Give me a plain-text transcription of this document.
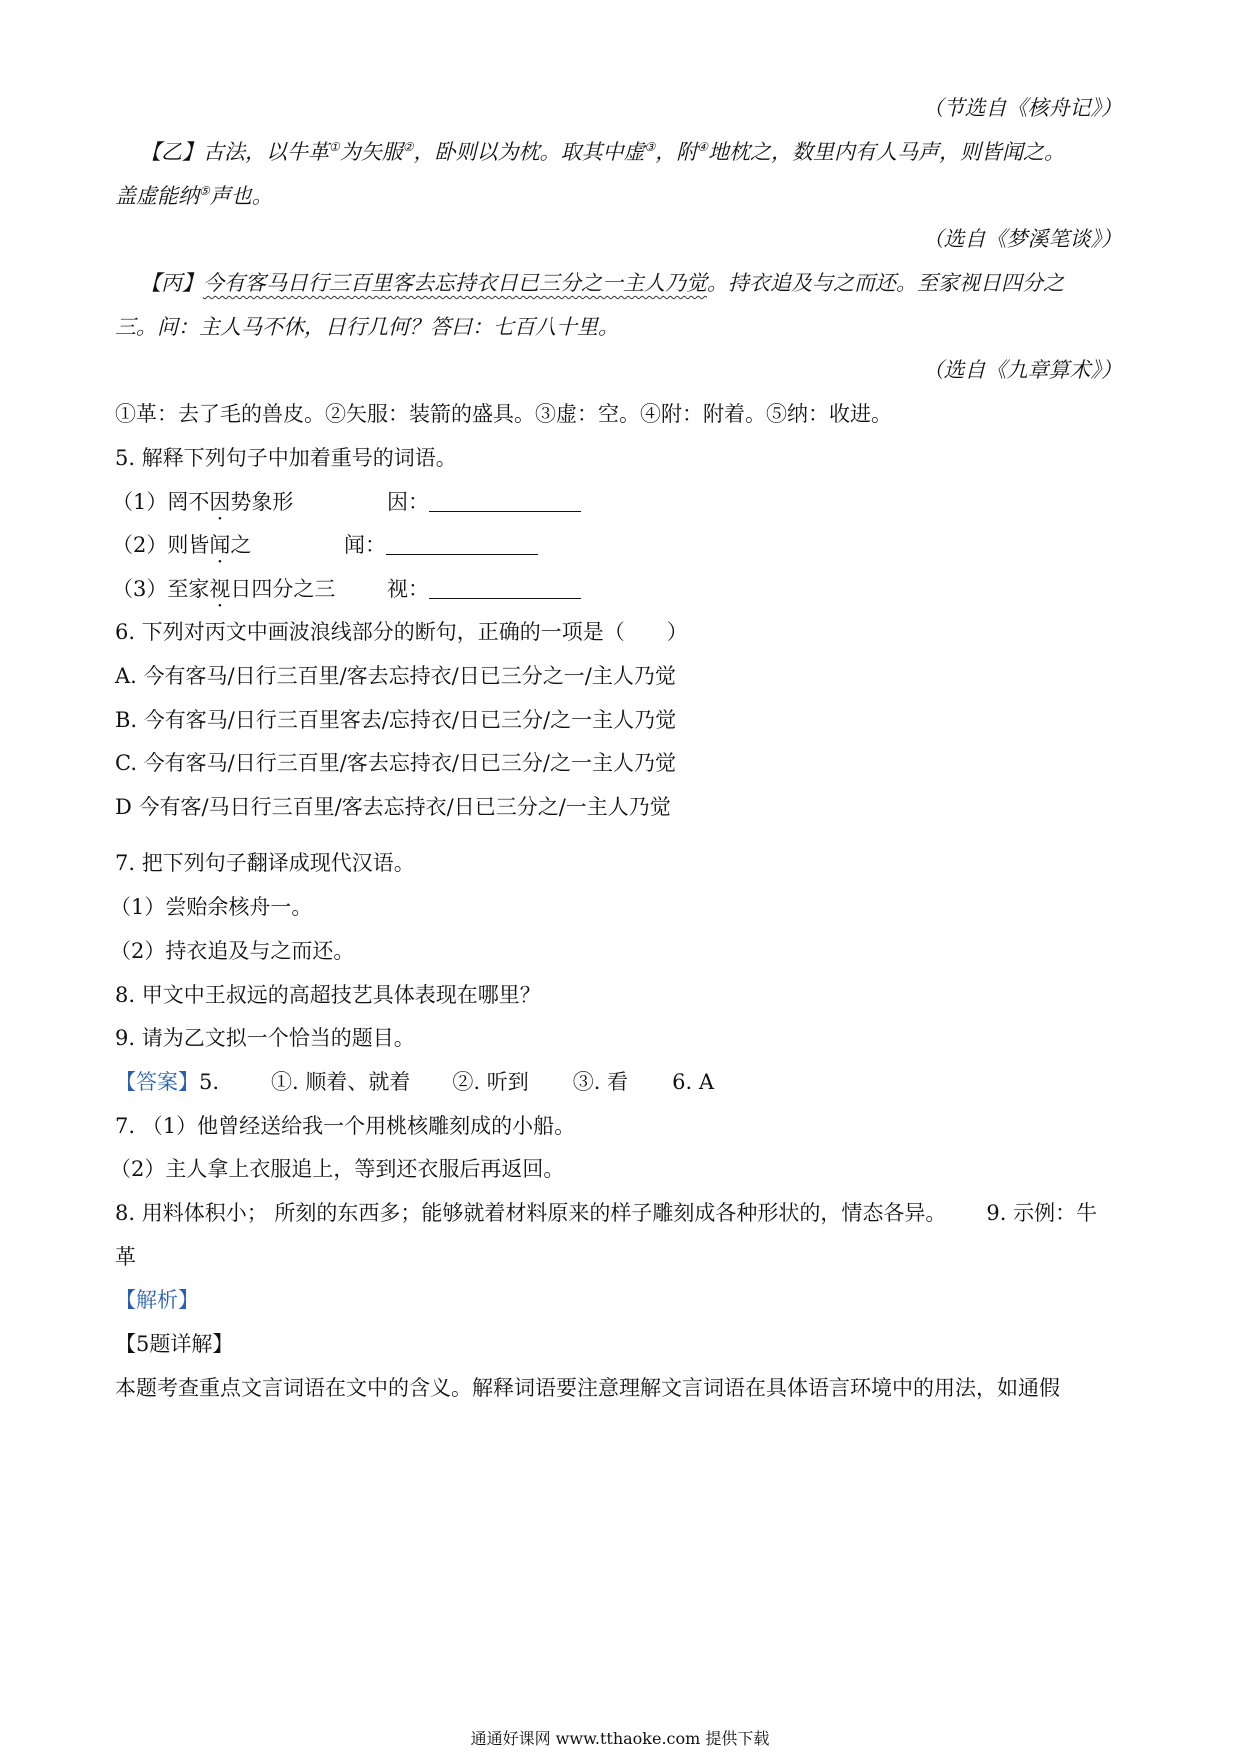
（节选自《核舟记》）
【乙】古法，以牛革①为矢服②，卧则以为枕。取其中虚③，附④地枕之，数里内有人马声，则皆闻之。
盖虚能纳⑤声也。
（选自《梦溪笔谈》）
【丙】今有客马日行三百里客去忘持衣日已三分之一主人乃觉。持衣追及与之而还。至家视日四分之
三。问：主人马不休，日行几何？答曰：七百八十里。
（选自《九章算术》）
①革：去了毛的兽皮。②矢服：装箭的盛具。③虚：空。④附：附着。⑤纳：收进。
5. 解释下列句子中加着重号的词语。
（1）罔不因势象形	因：
（2）则皆闻之	闻：
（3）至家视日四分之三 视：
6. 下列对丙文中画波浪线部分的断句，正确的一项是（　　）
A. 今有客马/日行三百里/客去忘持衣/日已三分之一/主人乃觉
B. 今有客马/日行三百里客去/忘持衣/日已三分/之一主人乃觉
C. 今有客马/日行三百里/客去忘持衣/日已三分/之一主人乃觉
D 今有客/马日行三百里/客去忘持衣/日已三分之/一主人乃觉
7. 把下列句子翻译成现代汉语。
（1）尝贻余核舟一。
（2）持衣追及与之而还。
8. 甲文中王叔远的高超技艺具体表现在哪里？
9. 请为乙文拟一个恰当的题目。
【答案】5. ①. 顺着、就着 ②. 听到 ③. 看 6. A
7. （1）他曾经送给我一个用桃核雕刻成的小船。
（2）主人拿上衣服追上，等到还衣服后再返回。
8. 用料体积小； 所刻的东西多；能够就着材料原来的样子雕刻成各种形状的，情态各异。 9. 示例：牛
革
【解析】
【5题详解】
本题考查重点文言词语在文中的含义。解释词语要注意理解文言词语在具体语言环境中的用法，如通假
通通好课网 www.tthaoke.com 提供下载
